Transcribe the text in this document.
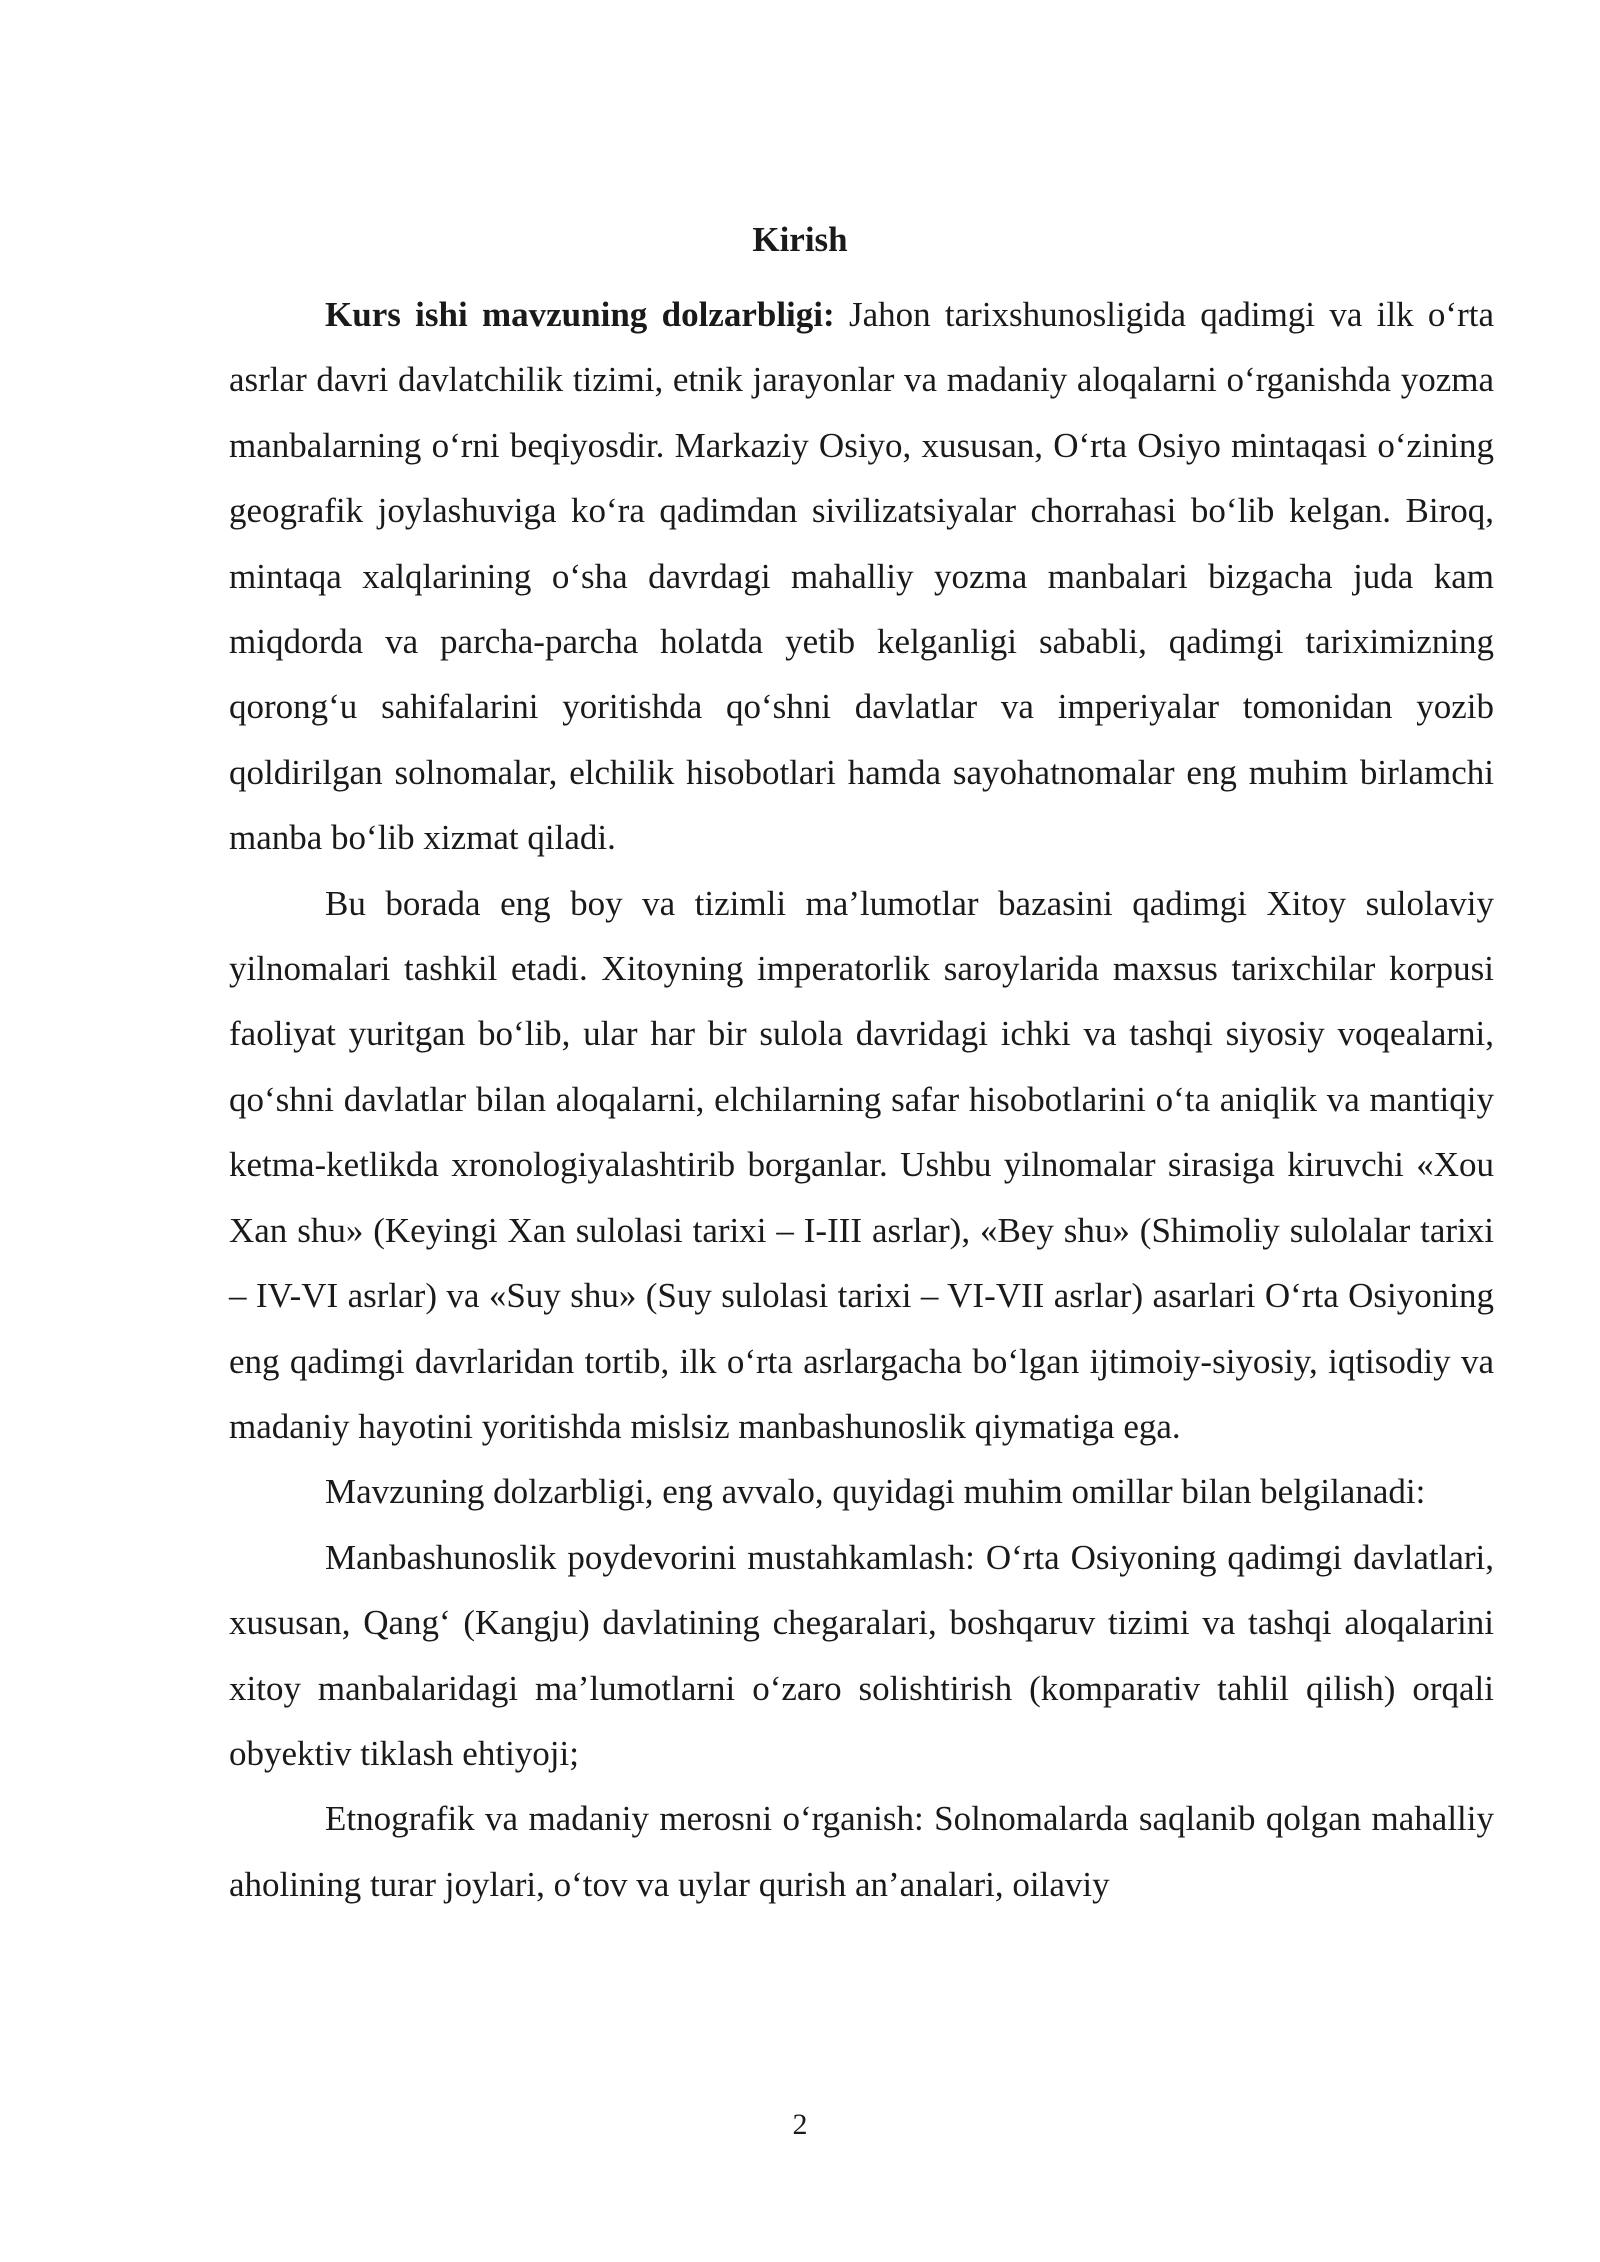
Kirish

Kurs ishi mavzuning dolzarbligi: Jahon tarixshunosligida qadimgi va ilk o‘rta asrlar davri davlatchilik tizimi, etnik jarayonlar va madaniy aloqalarni o‘rganishda yozma manbalarning o‘rni beqiyosdir. Markaziy Osiyo, xususan, O‘rta Osiyo mintaqasi o‘zining geografik joylashuviga ko‘ra qadimdan sivilizatsiyalar chorrahasi bo‘lib kelgan. Biroq, mintaqa xalqlarining o‘sha davrdagi mahalliy yozma manbalari bizgacha juda kam miqdorda va parcha-parcha holatda yetib kelganligi sababli, qadimgi tariximizning qorong‘u sahifalarini yoritishda qo‘shni davlatlar va imperiyalar tomonidan yozib qoldirilgan solnomalar, elchilik hisobotlari hamda sayohatnomalar eng muhim birlamchi manba bo‘lib xizmat qiladi.

Bu borada eng boy va tizimli ma’lumotlar bazasini qadimgi Xitoy sulolaviy yilnomalari tashkil etadi. Xitoyning imperatorlik saroylarida maxsus tarixchilar korpusi faoliyat yuritgan bo‘lib, ular har bir sulola davridagi ichki va tashqi siyosiy voqealarni, qo‘shni davlatlar bilan aloqalarni, elchilarning safar hisobotlarini o‘ta aniqlik va mantiqiy ketma-ketlikda xronologiyalashtirib borganlar. Ushbu yilnomalar sirasiga kiruvchi «Xou Xan shu» (Keyingi Xan sulolasi tarixi – I-III asrlar), «Bey shu» (Shimoliy sulolalar tarixi – IV-VI asrlar) va «Suy shu» (Suy sulolasi tarixi – VI-VII asrlar) asarlari O‘rta Osiyoning eng qadimgi davrlaridan tortib, ilk o‘rta asrlargacha bo‘lgan ijtimoiy-siyosiy, iqtisodiy va madaniy hayotini yoritishda mislsiz manbashunoslik qiymatiga ega.

Mavzuning dolzarbligi, eng avvalo, quyidagi muhim omillar bilan belgilanadi:

Manbashunoslik poydevorini mustahkamlash: O‘rta Osiyoning qadimgi davlatlari, xususan, Qang‘ (Kangju) davlatining chegaralari, boshqaruv tizimi va tashqi aloqalarini xitoy manbalaridagi ma’lumotlarni o‘zaro solishtirish (komparativ tahlil qilish) orqali obyektiv tiklash ehtiyoji;

Etnografik va madaniy merosni o‘rganish: Solnomalarda saqlanib qolgan mahalliy aholining turar joylari, o‘tov va uylar qurish an’analari, oilaviy

2
